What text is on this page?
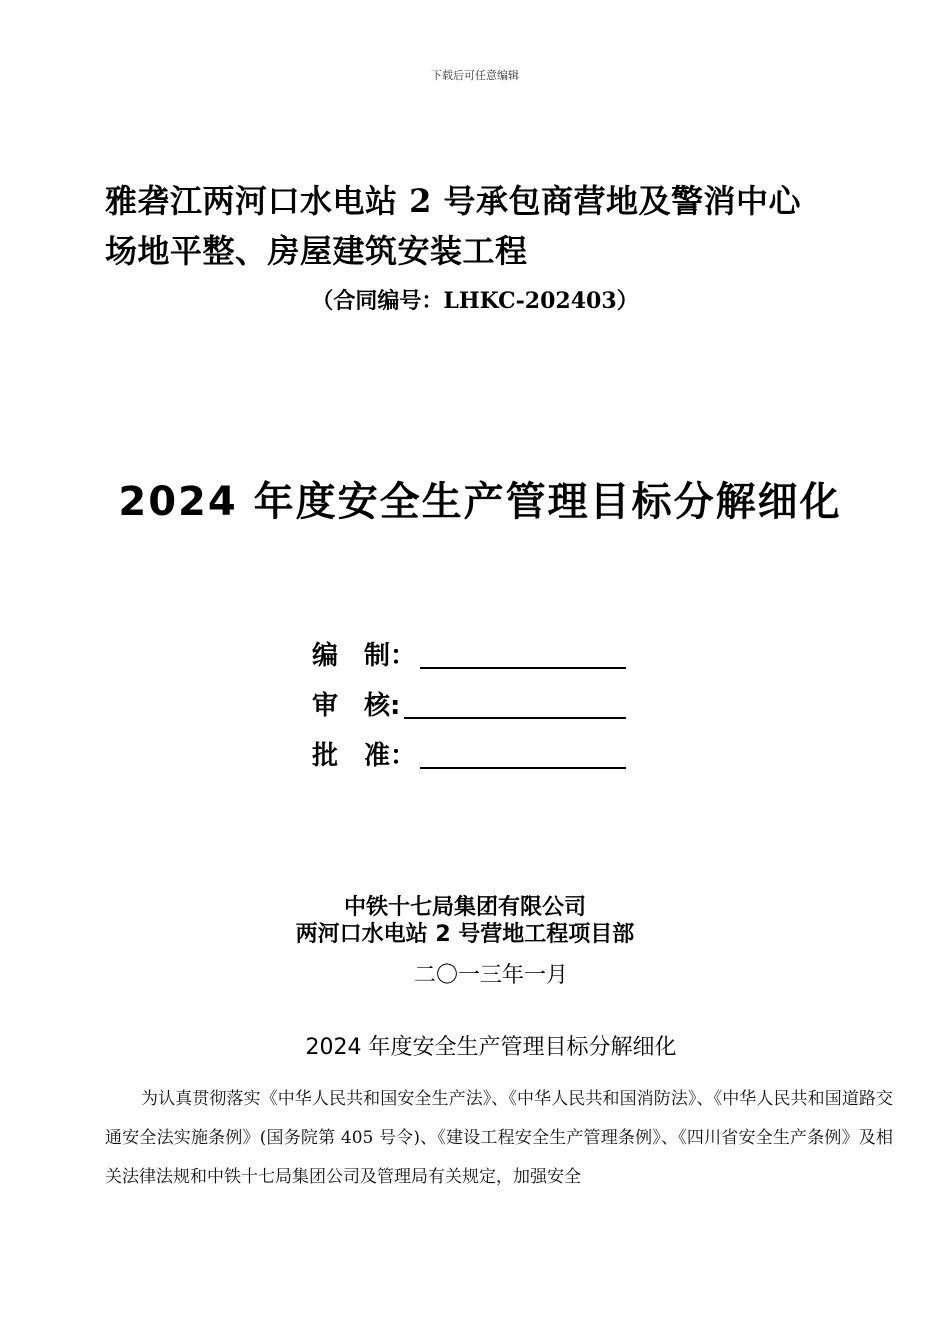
下载后可任意编辑
雅砻江两河口水电站 2 号承包商营地及警消中心
场地平整、房屋建筑安装工程
（合同编号：LHKC-202403）
2024 年度安全生产管理目标分解细化
编　制：
审　核:
批　准：
中铁十七局集团有限公司
两河口水电站 2 号营地工程项目部
二〇一三年一月
2024 年度安全生产管理目标分解细化
为认真贯彻落实《中华人民共和国安全生产法》、《中华人民共和国消防法》、《中华人民共和国道路交通安全法实施条例》(国务院第 405 号令)、《建设工程安全生产管理条例》、《四川省安全生产条例》及相关法律法规和中铁十七局集团公司及管理局有关规定，加强安全
